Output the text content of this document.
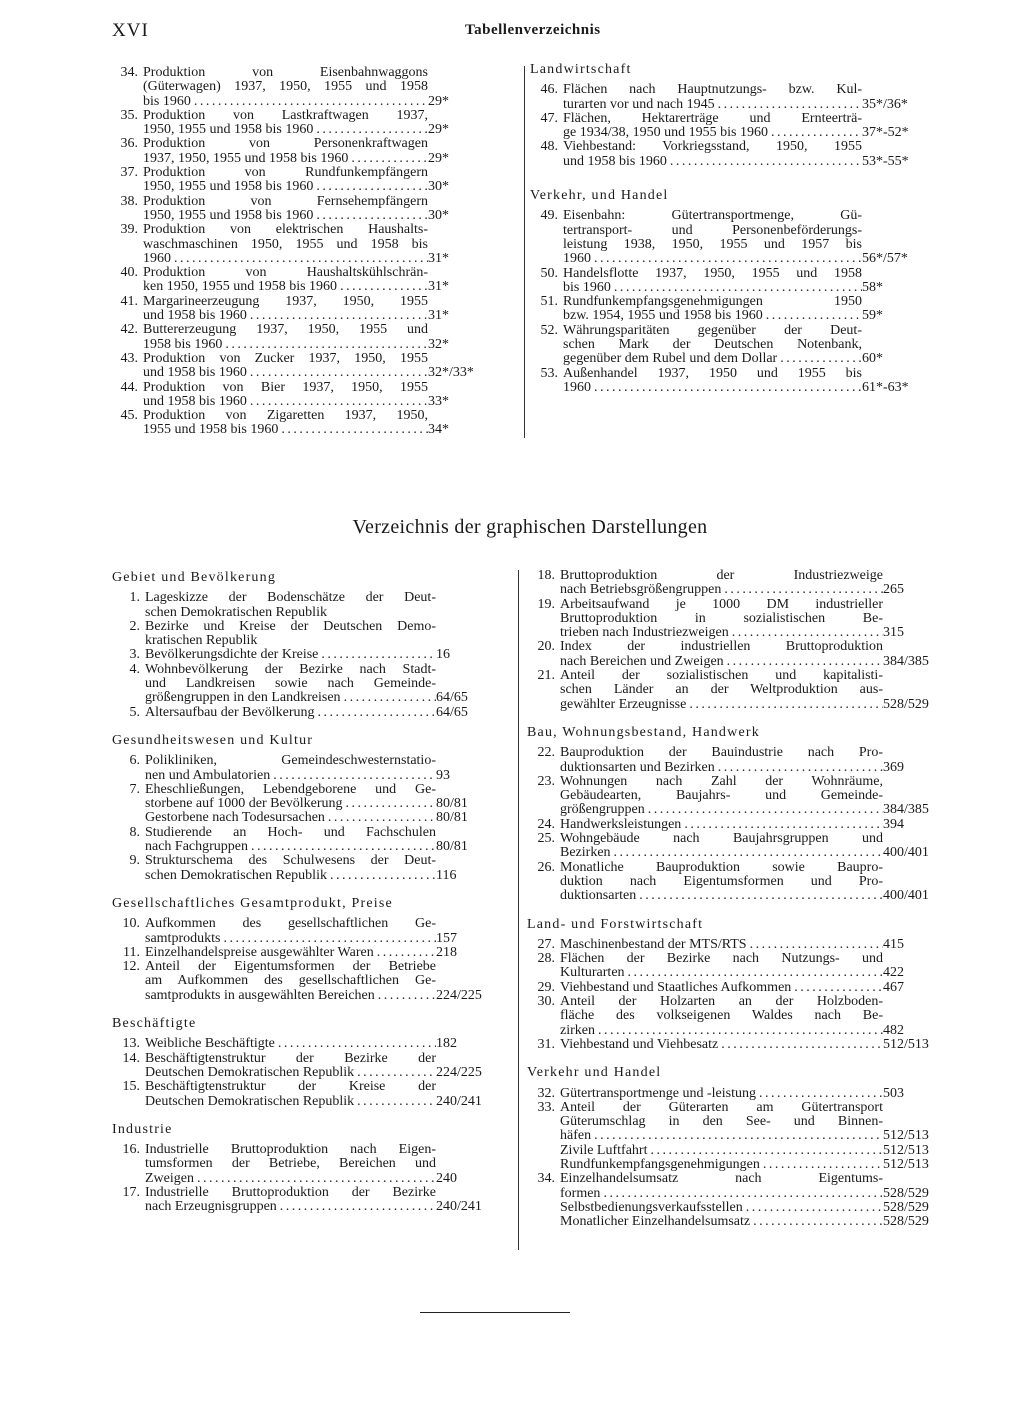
XVI	Tabellenverzeichnis
34. Produktion von Eisenbahnwaggons
(Güterwagen) 1937, 1950, 1955 und 1958
bis 1960 .....	29*
35. Produktion von Lastkraftwagen 1937,
1950, 1955 und 1958 bis 1960 .....	29*
36. Produktion von Personenkraftwagen
1937, 1950, 1955 und 1958 bis 1960 .....	29*
37. Produktion von Rundfunkempfängern
1950, 1955 und 1958 bis 1960 .....	30*
38. Produktion von Fernsehempfängern
1950, 1955 und 1958 bis 1960 .....	30*
39. Produktion von elektrischen Haushalts-
waschmaschinen 1950, 1955 und 1958 bis
1960 .....	31*
40. Produktion von Haushaltskühlschrän-
ken 1950, 1955 und 1958 bis 1960 .....	31*
41. Margarineerzeugung 1937, 1950, 1955
und 1958 bis 1960 .....	31*
42. Buttererzeugung 1937, 1950, 1955 und
1958 bis 1960 .....	32*
43. Produktion von Zucker 1937, 1950, 1955
und 1958 bis 1960 .....	32*/33*
44. Produktion von Bier 1937, 1950, 1955
und 1958 bis 1960 .....	33*
45. Produktion von Zigaretten 1937, 1950,
1955 und 1958 bis 1960 .....	34*
Landwirtschaft
46. Flächen nach Hauptnutzungs- bzw. Kul-
turarten vor und nach 1945 .....	35*/36*
47. Flächen, Hektarerträge und Ernteerträ-
ge 1934/38, 1950 und 1955 bis 1960 .....	37*-52*
48. Viehbestand: Vorkriegsstand, 1950, 1955
und 1958 bis 1960 .....	53*-55*
Verkehr, und Handel
49. Eisenbahn: Gütertransportmenge, Gü-
tertransport- und Personenbeförderungs-
leistung 1938, 1950, 1955 und 1957 bis
1960 .....	56*/57*
50. Handelsflotte 1937, 1950, 1955 und 1958
bis 1960 .....	58*
51. Rundfunkempfangsgenehmigungen 1950
bzw. 1954, 1955 und 1958 bis 1960 .....	59*
52. Währungsparitäten gegenüber der Deut-
schen Mark der Deutschen Notenbank,
gegenüber dem Rubel und dem Dollar .....	60*
53. Außenhandel 1937, 1950 und 1955 bis
1960 .....	61*-63*
Verzeichnis der graphischen Darstellungen
Gebiet und Bevölkerung
1. Lageskizze der Bodenschätze der Deut-
schen Demokratischen Republik
2. Bezirke und Kreise der Deutschen Demo-
kratischen Republik
3. Bevölkerungsdichte der Kreise .....	16
4. Wohnbevölkerung der Bezirke nach Stadt-
und Landkreisen sowie nach Gemeinde-
größengruppen in den Landkreisen .....	64/65
5. Altersaufbau der Bevölkerung .....	64/65
Gesundheitswesen und Kultur
6. Polikliniken, Gemeindeschwesternstatio-
nen und Ambulatorien .....	93
7. Eheschließungen, Lebendgeborene und Ge-
storbene auf 1000 der Bevölkerung .....	80/81
Gestorbene nach Todesursachen .....	80/81
8. Studierende an Hoch- und Fachschulen
nach Fachgruppen .....	80/81
9. Strukturschema des Schulwesens der Deut-
schen Demokratischen Republik .....	116
Gesellschaftliches Gesamtprodukt, Preise
10. Aufkommen des gesellschaftlichen Ge-
samtprodukts .....	157
11. Einzelhandelspreise ausgewählter Waren .....	218
12. Anteil der Eigentumsformen der Betriebe
am Aufkommen des gesellschaftlichen Ge-
samtprodukts in ausgewählten Bereichen .....	224/225
Beschäftigte
13. Weibliche Beschäftigte .....	182
14. Beschäftigtenstruktur der Bezirke der
Deutschen Demokratischen Republik .....	224/225
15. Beschäftigtenstruktur der Kreise der
Deutschen Demokratischen Republik .....	240/241
Industrie
16. Industrielle Bruttoproduktion nach Eigen-
tumsformen der Betriebe, Bereichen und
Zweigen .....	240
17. Industrielle Bruttoproduktion der Bezirke
nach Erzeugnisgruppen .....	240/241
18. Bruttoproduktion der Industriezweige
nach Betriebsgrößengruppen .....	265
19. Arbeitsaufwand je 1000 DM industrieller
Bruttoproduktion in sozialistischen Be-
trieben nach Industriezweigen .....	315
20. Index der industriellen Bruttoproduktion
nach Bereichen und Zweigen .....	384/385
21. Anteil der sozialistischen und kapitalisti-
schen Länder an der Weltproduktion aus-
gewählter Erzeugnisse .....	528/529
Bau, Wohnungsbestand, Handwerk
22. Bauproduktion der Bauindustrie nach Pro-
duktionsarten und Bezirken .....	369
23. Wohnungen nach Zahl der Wohnräume,
Gebäudearten, Baujahrs- und Gemeinde-
größengruppen .....	384/385
24. Handwerksleistungen .....	394
25. Wohngebäude nach Baujahrsgruppen und
Bezirken .....	400/401
26. Monatliche Bauproduktion sowie Baupro-
duktion nach Eigentumsformen und Pro-
duktionsarten .....	400/401
Land- und Forstwirtschaft
27. Maschinenbestand der MTS/RTS .....	415
28. Flächen der Bezirke nach Nutzungs- und
Kulturarten .....	422
29. Viehbestand und Staatliches Aufkommen .....	467
30. Anteil der Holzarten an der Holzboden-
fläche des volkseigenen Waldes nach Be-
zirken .....	482
31. Viehbestand und Viehbesatz .....	512/513
Verkehr und Handel
32. Gütertransportmenge und -leistung .....	503
33. Anteil der Güterarten am Gütertransport
Güterumschlag in den See- und Binnen-
häfen .....	512/513
Zivile Luftfahrt .....	512/513
Rundfunkempfangsgenehmigungen .....	512/513
34. Einzelhandelsumsatz nach Eigentums-
formen .....	528/529
Selbstbedienungsverkaufsstellen .....	528/529
Monatlicher Einzelhandelsumsatz .....	528/529
